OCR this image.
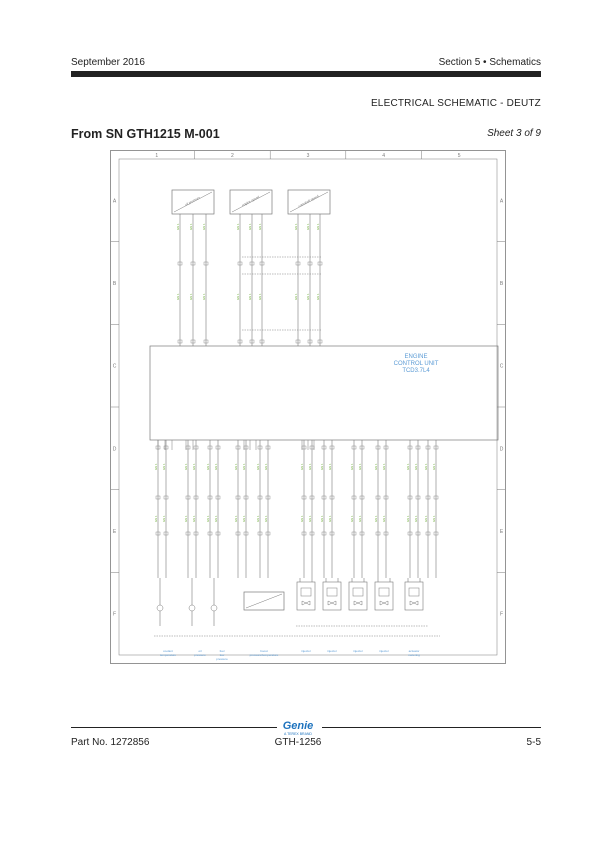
September 2016	Section 5 • Schematics
ELECTRICAL SCHEMATIC - DEUTZ
From SN GTH1215 M-001	Sheet 3 of 9
1	2	3	4	5
A	A
B	B
C	C
D	D
E	E
F	F
ENGINE
CONTROL UNIT
TCD3.7L4
oil pressure
GN 1
GN 1
GN 1
GN 1
GN 1
GN 1
engine speed
GN 1
GN 1
GN 1
GN 1
GN 1
GN 1
camshaft speed
GN 1
GN 1
GN 1
GN 1
GN 1
GN 1
GN 1
GN 1
GN 1
GN 1
GN 1
GN 1
GN 1
GN 1
GN 1
GN 1
GN 1
GN 1
GN 1
GN 1
GN 1
GN 1
GN 1
GN 1
GN 1
GN 1
GN 1
GN 1
GN 1
GN 1
GN 1
GN 1
GN 1
GN 1
GN 1
GN 1
GN 1
GN 1
GN 1
GN 1
GN 1
GN 1
GN 1
GN 1
GN 1
GN 1
GN 1
GN 1
GN 1
GN 1
coolant
temperature
oil
pressure
fuel
low
pressure
boost
pressure/temperature
injector	injector	injector	injector	actuator
metering
Genie
A TEREX BRAND
Part No. 1272856	GTH-1256	5-5
